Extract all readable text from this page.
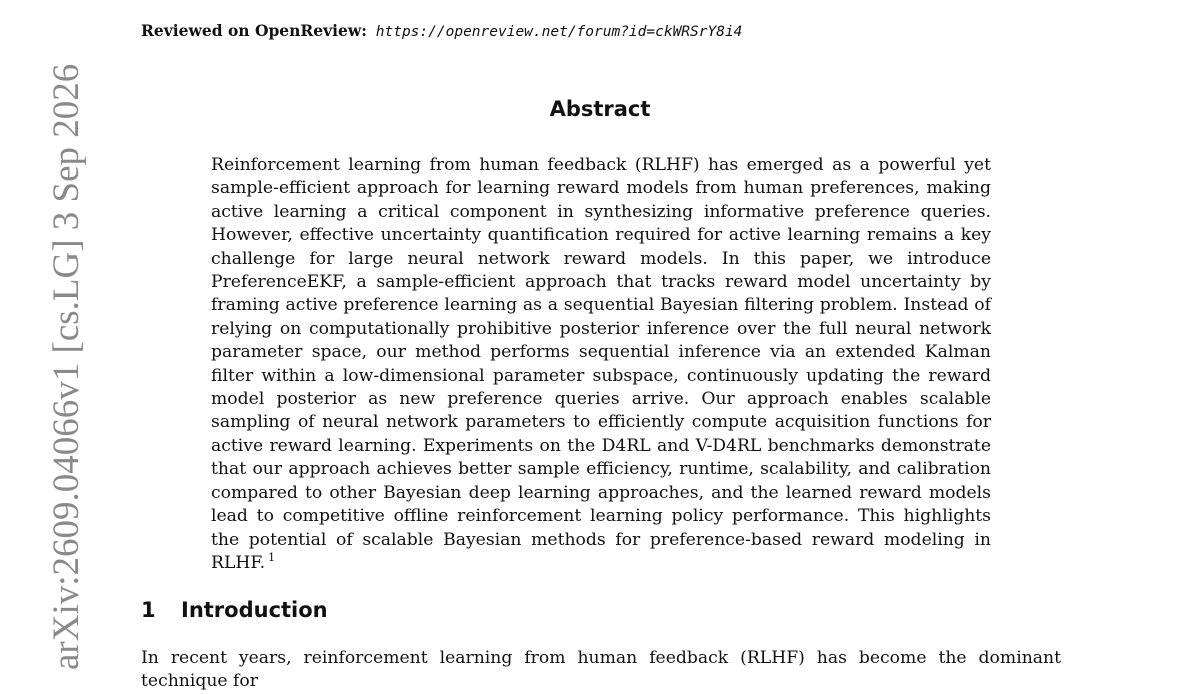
arXiv:2609.04066v1 [cs.LG] 3 Sep 2026
Reviewed on OpenReview: https://openreview.net/forum?id=ckWRSrY8i4
Abstract

Reinforcement learning from human feedback (RLHF) has emerged as a powerful yet sample-efficient approach for learning reward models from human preferences, making active learning a critical component in synthesizing informative preference queries. However, effective uncertainty quantification required for active learning remains a key challenge for large neural network reward models. In this paper, we introduce PreferenceEKF, a sample-efficient approach that tracks reward model uncertainty by framing active preference learning as a sequential Bayesian filtering problem. Instead of relying on computationally prohibitive posterior inference over the full neural network parameter space, our method performs sequential inference via an extended Kalman filter within a low-dimensional parameter subspace, continuously updating the reward model posterior as new preference queries arrive. Our approach enables scalable sampling of neural network parameters to efficiently compute acquisition functions for active reward learning. Experiments on the D4RL and V-D4RL benchmarks demonstrate that our approach achieves better sample efficiency, runtime, scalability, and calibration compared to other Bayesian deep learning approaches, and the learned reward models lead to competitive offline reinforcement learning policy performance. This highlights the potential of scalable Bayesian methods for preference-based reward modeling in RLHF. $^1$

1 Introduction

In recent years, reinforcement learning from human feedback (RLHF) has become the dominant technique for
